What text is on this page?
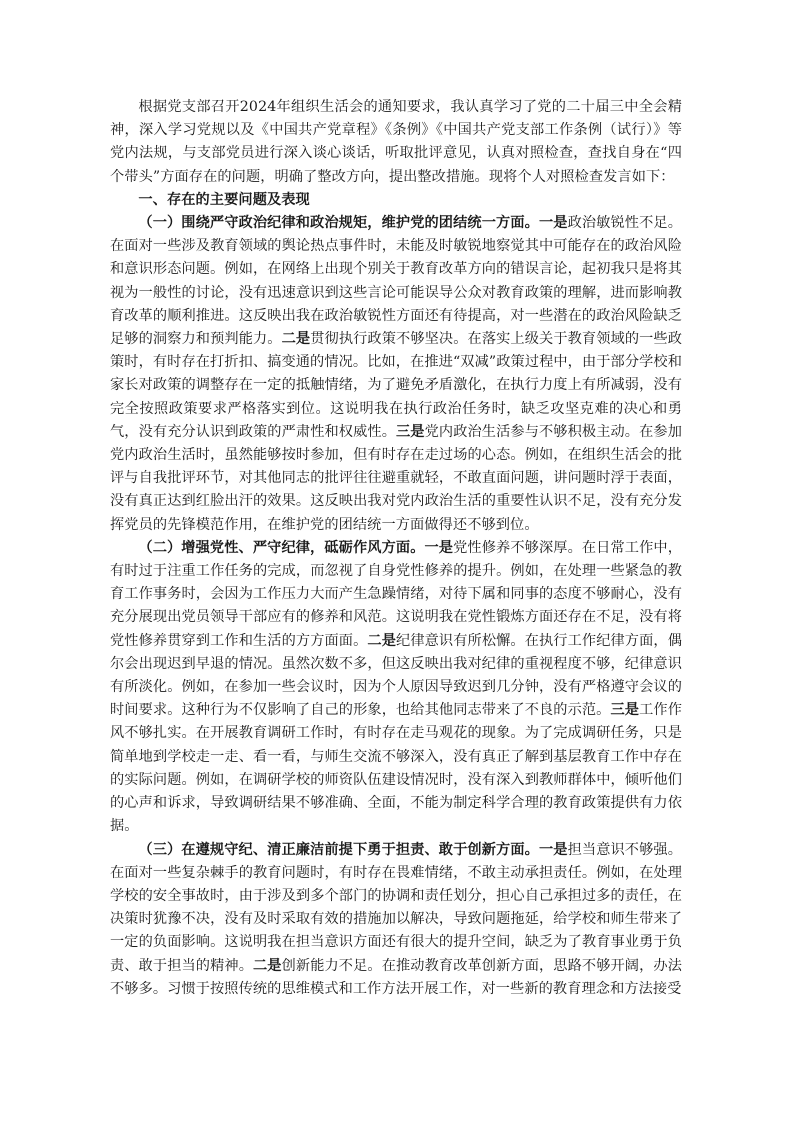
根据党支部召开2024年组织生活会的通知要求，我认真学习了党的二十届三中全会精神，深入学习党规以及《中国共产党章程》《条例》《中国共产党支部工作条例（试行）》等党内法规，与支部党员进行深入谈心谈话，听取批评意见，认真对照检查，查找自身在“四个带头”方面存在的问题，明确了整改方向，提出整改措施。现将个人对照检查发言如下：

一、存在的主要问题及表现

（一）围绕严守政治纪律和政治规矩，维护党的团结统一方面。一是政治敏锐性不足。在面对一些涉及教育领域的舆论热点事件时，未能及时敏锐地察觉其中可能存在的政治风险和意识形态问题。例如，在网络上出现个别关于教育改革方向的错误言论，起初我只是将其视为一般性的讨论，没有迅速意识到这些言论可能误导公众对教育政策的理解，进而影响教育改革的顺利推进。这反映出我在政治敏锐性方面还有待提高，对一些潜在的政治风险缺乏足够的洞察力和预判能力。二是贯彻执行政策不够坚决。在落实上级关于教育领域的一些政策时，有时存在打折扣、搞变通的情况。比如，在推进“双减”政策过程中，由于部分学校和家长对政策的调整存在一定的抵触情绪，为了避免矛盾激化，在执行力度上有所减弱，没有完全按照政策要求严格落实到位。这说明我在执行政治任务时，缺乏攻坚克难的决心和勇气，没有充分认识到政策的严肃性和权威性。三是党内政治生活参与不够积极主动。在参加党内政治生活时，虽然能够按时参加，但有时存在走过场的心态。例如，在组织生活会的批评与自我批评环节，对其他同志的批评往往避重就轻，不敢直面问题，讲问题时浮于表面，没有真正达到红脸出汗的效果。这反映出我对党内政治生活的重要性认识不足，没有充分发挥党员的先锋模范作用，在维护党的团结统一方面做得还不够到位。

（二）增强党性、严守纪律，砥砺作风方面。一是党性修养不够深厚。在日常工作中，有时过于注重工作任务的完成，而忽视了自身党性修养的提升。例如，在处理一些紧急的教育工作事务时，会因为工作压力大而产生急躁情绪，对待下属和同事的态度不够耐心，没有充分展现出党员领导干部应有的修养和风范。这说明我在党性锻炼方面还存在不足，没有将党性修养贯穿到工作和生活的方方面面。二是纪律意识有所松懈。在执行工作纪律方面，偶尔会出现迟到早退的情况。虽然次数不多，但这反映出我对纪律的重视程度不够，纪律意识有所淡化。例如，在参加一些会议时，因为个人原因导致迟到几分钟，没有严格遵守会议的时间要求。这种行为不仅影响了自己的形象，也给其他同志带来了不良的示范。三是工作作风不够扎实。在开展教育调研工作时，有时存在走马观花的现象。为了完成调研任务，只是简单地到学校走一走、看一看，与师生交流不够深入，没有真正了解到基层教育工作中存在的实际问题。例如，在调研学校的师资队伍建设情况时，没有深入到教师群体中，倾听他们的心声和诉求，导致调研结果不够准确、全面，不能为制定科学合理的教育政策提供有力依据。

（三）在遵规守纪、清正廉洁前提下勇于担责、敢于创新方面。一是担当意识不够强。在面对一些复杂棘手的教育问题时，有时存在畏难情绪，不敢主动承担责任。例如，在处理学校的安全事故时，由于涉及到多个部门的协调和责任划分，担心自己承担过多的责任，在决策时犹豫不决，没有及时采取有效的措施加以解决，导致问题拖延，给学校和师生带来了一定的负面影响。这说明我在担当意识方面还有很大的提升空间，缺乏为了教育事业勇于负责、敢于担当的精神。二是创新能力不足。在推动教育改革创新方面，思路不够开阔，办法不够多。习惯于按照传统的思维模式和工作方法开展工作，对一些新的教育理念和方法接受
